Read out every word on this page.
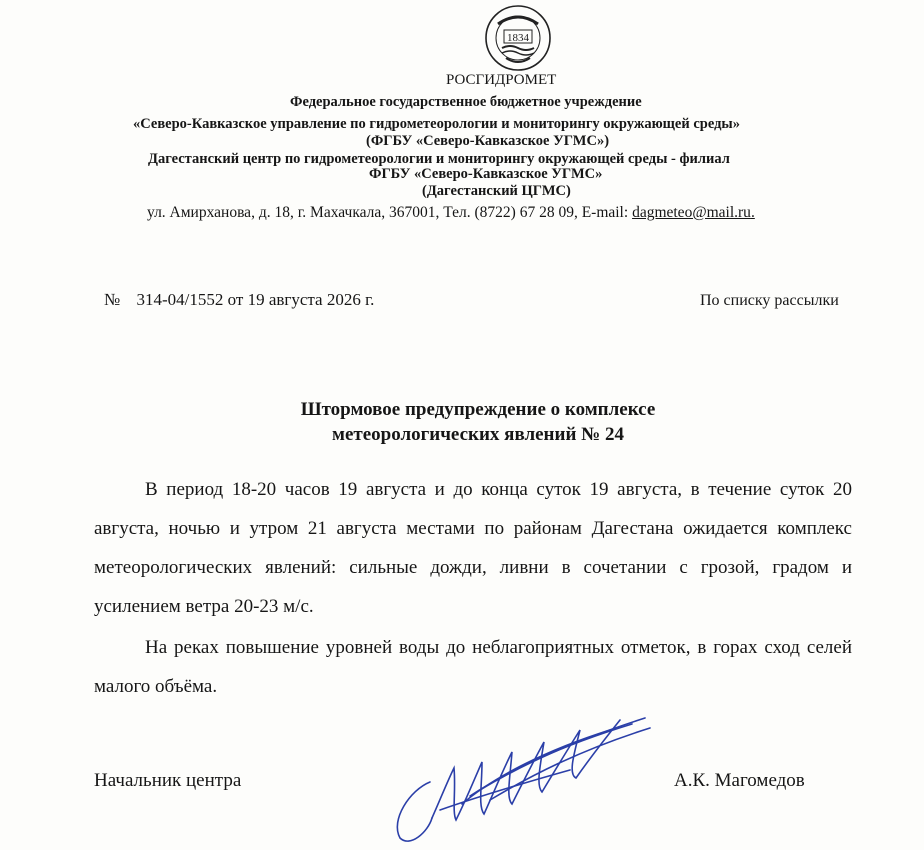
1834
РОСГИДРОМЕТ
Федеральное государственное бюджетное учреждение
«Северо-Кавказское управление по гидрометеорологии и мониторингу окружающей среды»
(ФГБУ «Северо-Кавказское УГМС»)
Дагестанский центр по гидрометеорологии и мониторингу окружающей среды - филиал
ФГБУ «Северо-Кавказское УГМС»
(Дагестанский ЦГМС)
ул. Амирханова, д. 18, г. Махачкала, 367001, Тел. (8722) 67 28 09, E-mail: dagmeteo@mail.ru.
№ 314-04/1552 от 19 августа 2026 г.	По списку рассылки
Штормовое предупреждение о комплексе
метеорологических явлений № 24

В период 18-20 часов 19 августа и до конца суток 19 августа, в течение суток 20 августа, ночью и утром 21 августа местами по районам Дагестана ожидается комплекс метеорологических явлений: сильные дожди, ливни в сочетании с грозой, градом и усилением ветра 20-23 м/с.

На реках повышение уровней воды до неблагоприятных отметок, в горах сход селей малого объёма.

Начальник центра	А.К. Магомедов
